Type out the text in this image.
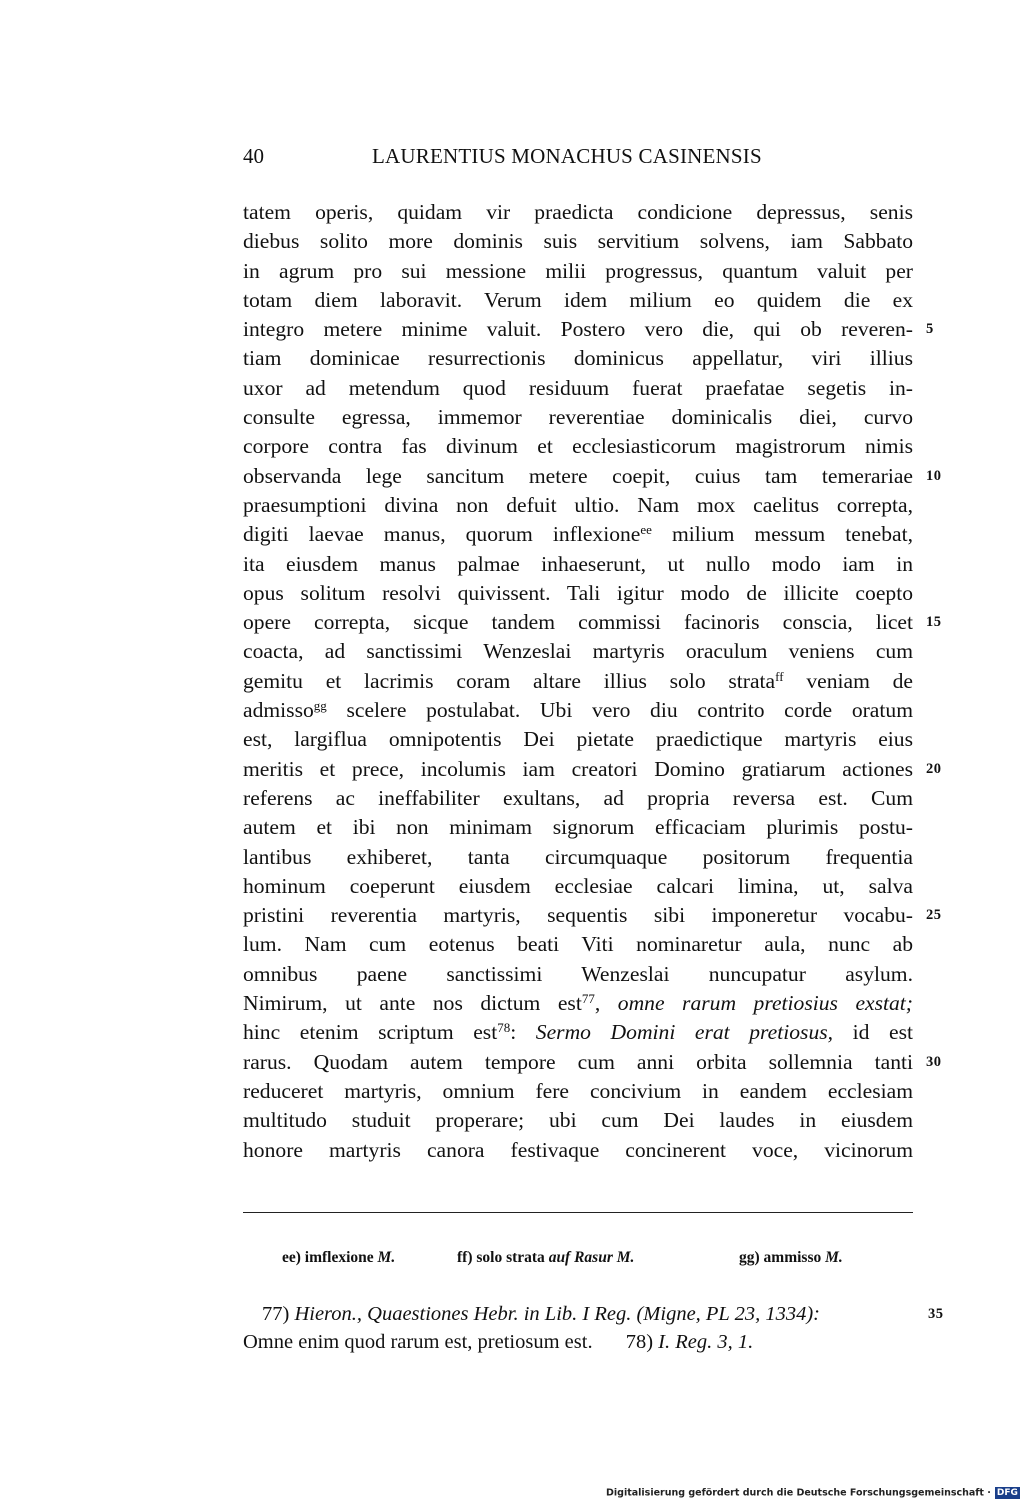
40	LAURENTIUS MONACHUS CASINENSIS
tatem operis, quidam vir praedicta condicione depressus, senis
diebus solito more dominis suis servitium solvens, iam Sabbato
in agrum pro sui messione milii progressus, quantum valuit per
totam diem laboravit. Verum idem milium eo quidem die ex
integro metere minime valuit. Postero vero die, qui ob reveren- 5
tiam dominicae resurrectionis dominicus appellatur, viri illius
uxor ad metendum quod residuum fuerat praefatae segetis in-
consulte egressa, immemor reverentiae dominicalis diei, curvo
corpore contra fas divinum et ecclesiasticorum magistrorum nimis
observanda lege sancitum metere coepit, cuius tam temerariae 10
praesumptioni divina non defuit ultio. Nam mox caelitus correpta,
digiti laevae manus, quorum inflexione$^{ee}$ milium messum tenebat,
ita eiusdem manus palmae inhaeserunt, ut nullo modo iam in
opus solitum resolvi quivissent. Tali igitur modo de illicite coepto
opere correpta, sicque tandem commissi facinoris conscia, licet 15
coacta, ad sanctissimi Wenzeslai martyris oraculum veniens cum
gemitu et lacrimis coram altare illius solo strata$^{ff}$ veniam de
admisso$^{gg}$ scelere postulabat. Ubi vero diu contrito corde oratum
est, largiflua omnipotentis Dei pietate praedictique martyris eius
meritis et prece, incolumis iam creatori Domino gratiarum actiones 20
referens ac ineffabiliter exultans, ad propria reversa est. Cum
autem et ibi non minimam signorum efficaciam plurimis postu-
lantibus exhiberet, tanta circumquaque positorum frequentia
hominum coeperunt eiusdem ecclesiae calcari limina, ut, salva
pristini reverentia martyris, sequentis sibi imponeretur vocabu- 25
lum. Nam cum eotenus beati Viti nominaretur aula, nunc ab
omnibus paene sanctissimi Wenzeslai nuncupatur asylum.
Nimirum, ut ante nos dictum est$^{77}$, omne rarum pretiosius exstat;
hinc etenim scriptum est$^{78}$: Sermo Domini erat pretiosus, id est
rarus. Quodam autem tempore cum anni orbita sollemnia tanti 30
reduceret martyris, omnium fere concivium in eandem ecclesiam
multitudo studuit properare; ubi cum Dei laudes in eiusdem
honore martyris canora festivaque concinerent voce, vicinorum
ee) imflexione M.	ff) solo strata auf Rasur M.	gg) ammisso M.
77) Hieron., Quaestiones Hebr. in Lib. I Reg. (Migne, PL 23, 1334):	35
Omne enim quod rarum est, pretiosum est. 78) I. Reg. 3, 1.
Digitalisierung gefördert durch die Deutsche Forschungsgemeinschaft · DFG
